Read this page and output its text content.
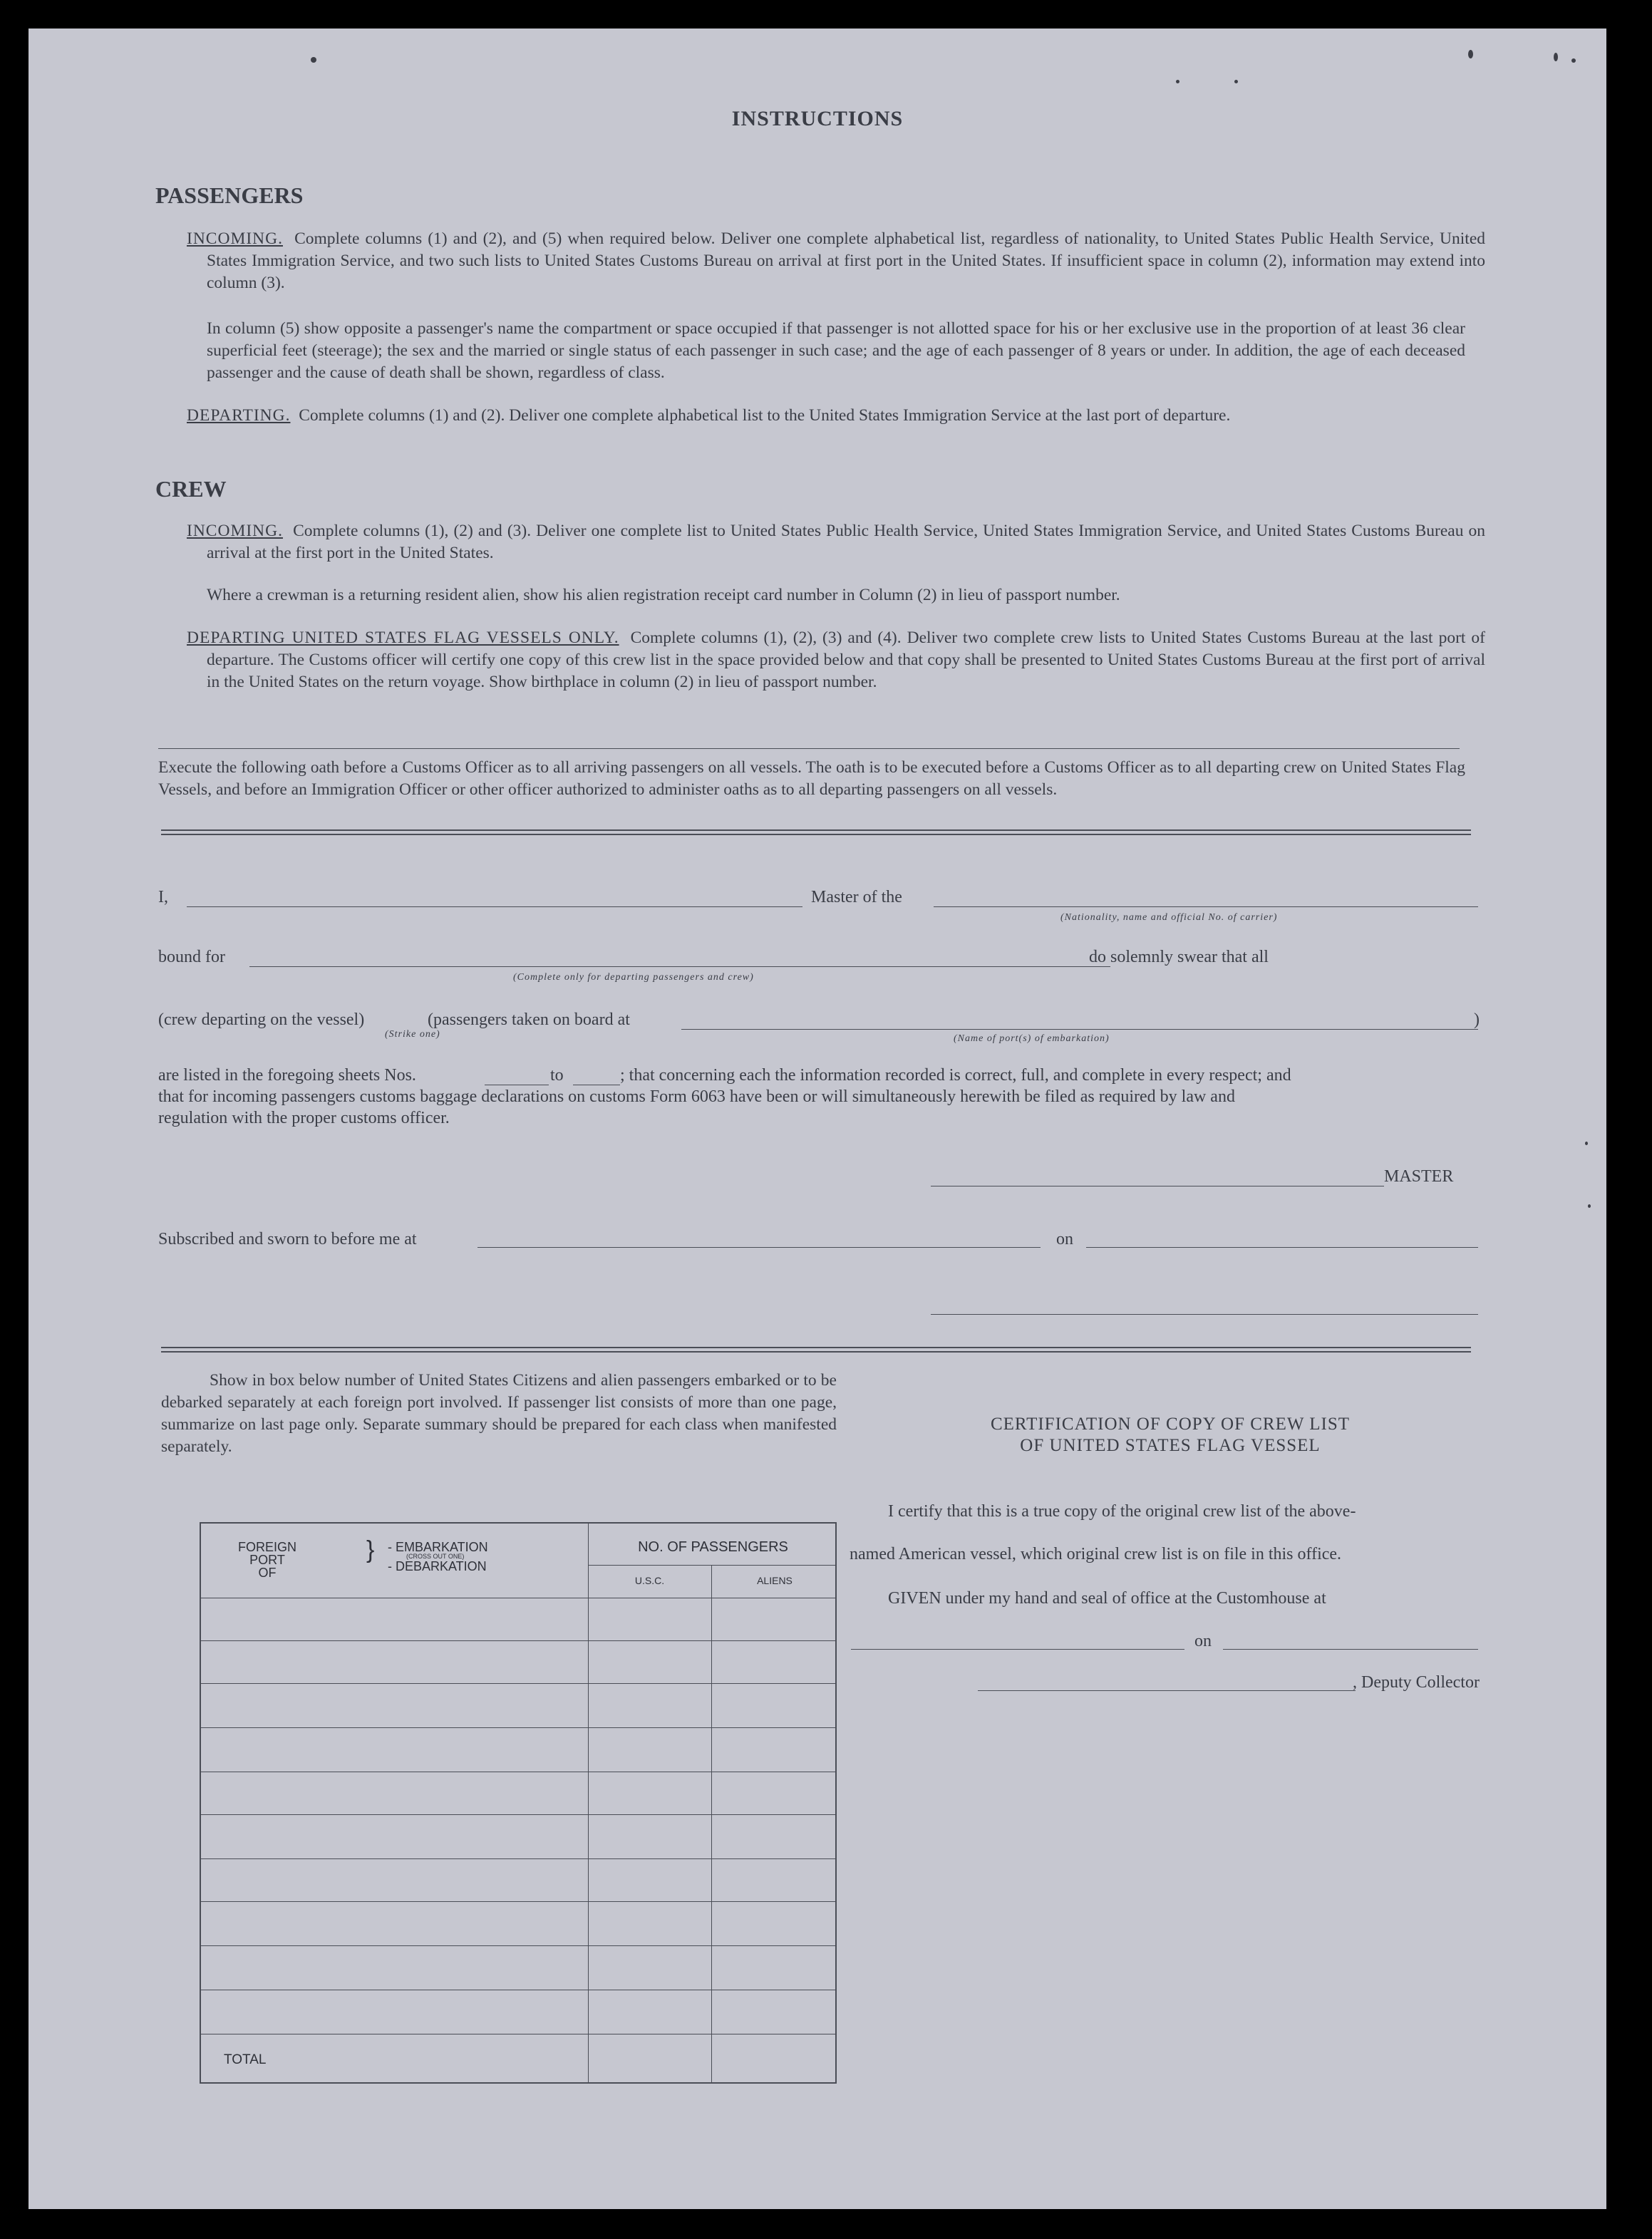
INSTRUCTIONS
PASSENGERS
INCOMING. Complete columns (1) and (2), and (5) when required below. Deliver one complete alphabetical list, regardless of nationality, to United States Public Health Service, United States Immigration Service, and two such lists to United States Customs Bureau on arrival at first port in the United States. If insufficient space in column (2), information may extend into column (3).
In column (5) show opposite a passenger's name the compartment or space occupied if that passenger is not allotted space for his or her exclusive use in the proportion of at least 36 clear superficial feet (steerage); the sex and the married or single status of each passenger in such case; and the age of each passenger of 8 years or under. In addition, the age of each deceased passenger and the cause of death shall be shown, regardless of class.
DEPARTING. Complete columns (1) and (2). Deliver one complete alphabetical list to the United States Immigration Service at the last port of departure.
CREW
INCOMING. Complete columns (1), (2) and (3). Deliver one complete list to United States Public Health Service, United States Immigration Service, and United States Customs Bureau on arrival at the first port in the United States.
Where a crewman is a returning resident alien, show his alien registration receipt card number in Column (2) in lieu of passport number.
DEPARTING UNITED STATES FLAG VESSELS ONLY. Complete columns (1), (2), (3) and (4). Deliver two complete crew lists to United States Customs Bureau at the last port of departure. The Customs officer will certify one copy of this crew list in the space provided below and that copy shall be presented to United States Customs Bureau at the first port of arrival in the United States on the return voyage. Show birthplace in column (2) in lieu of passport number.
Execute the following oath before a Customs Officer as to all arriving passengers on all vessels. The oath is to be executed before a Customs Officer as to all departing crew on United States Flag Vessels, and before an Immigration Officer or other officer authorized to administer oaths as to all departing passengers on all vessels.
I,	Master of the
(Nationality, name and official No. of carrier)
bound for
(Complete only for departing passengers and crew)
do solemnly swear that all
(crew departing on the vessel)
(Strike one)
(passengers taken on board at
(Name of port(s) of embarkation)
)
are listed in the foregoing sheets Nos.	to	; that concerning each the information recorded is correct, full, and complete in every respect; and
that for incoming passengers customs baggage declarations on customs Form 6063 have been or will simultaneously herewith be filed as required by law and
regulation with the proper customs officer.
MASTER
Subscribed and sworn to before me at	on
Show in box below number of United States Citizens and alien passengers embarked or to be debarked separately at each foreign port involved. If passenger list consists of more than one page, summarize on last page only. Separate summary should be prepared for each class when manifested separately.
FOREIGN
PORT
OF
} - EMBARKATION
(CROSS OUT ONE)
- DEBARKATION
NO. OF PASSENGERS
U.S.C.	ALIENS
TOTAL
CERTIFICATION OF COPY OF CREW LIST
OF UNITED STATES FLAG VESSEL
I certify that this is a true copy of the original crew list of the above-
named American vessel, which original crew list is on file in this office.
GIVEN under my hand and seal of office at the Customhouse at
on
, Deputy Collector
